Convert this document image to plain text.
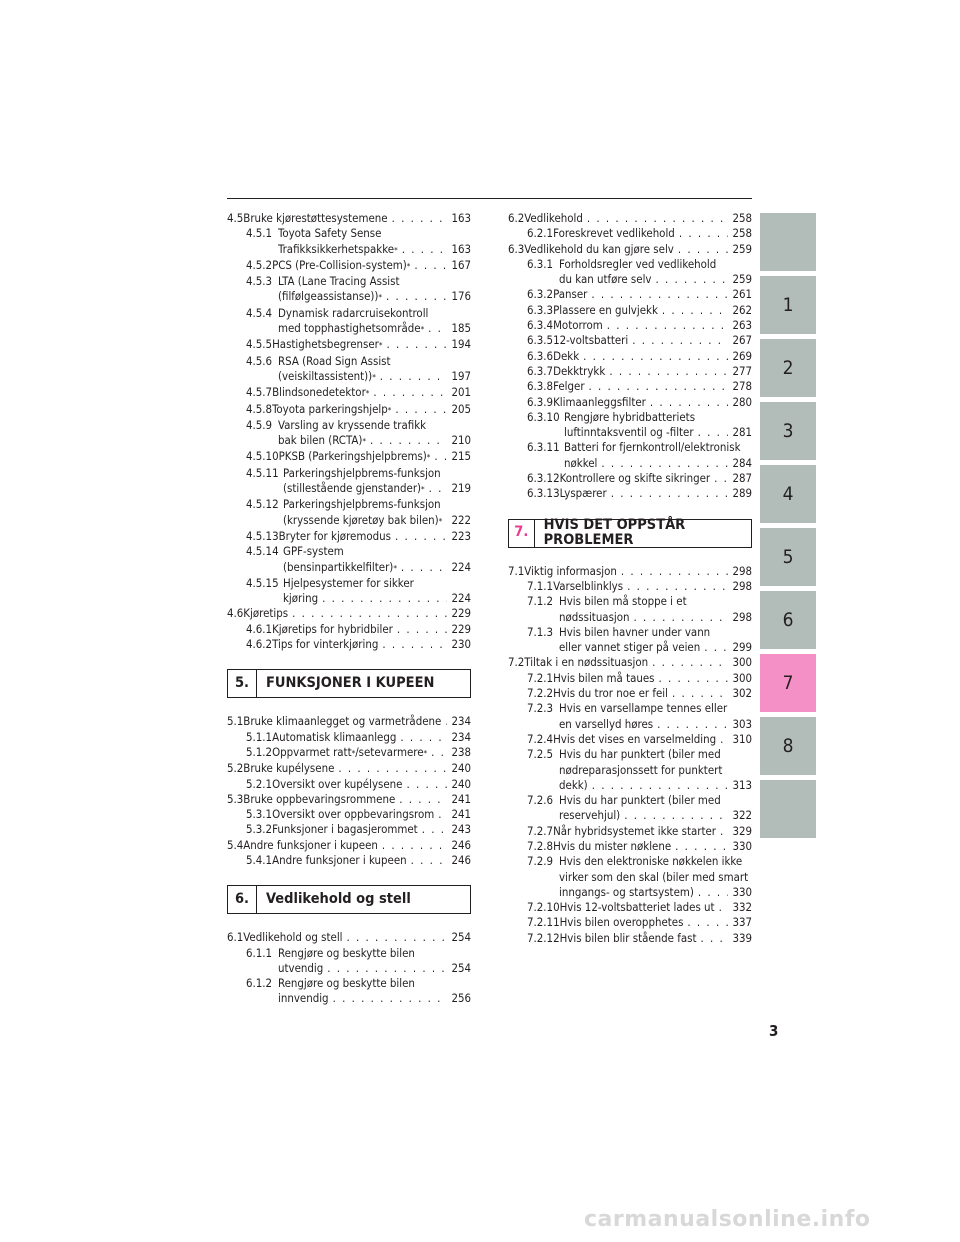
4.5 Bruke kjørestøttesystemene . . .	163
4.5.1 Toyota Safety Sense
Trafikksikkerhetspakke * . . .	163
4.5.2 PCS (Pre-Collision-system) * . . .	167
4.5.3 LTA (Lane Tracing Assist
(filfølgeassistanse)) * . . .	176
4.5.4 Dynamisk radarcruisekontroll
med topphastighetsområde * . . . 185
4.5.5 Hastighetsbegrenser * . . .	194
4.5.6 RSA (Road Sign Assist
(veiskiltassistent)) * . . .	197
4.5.7 Blindsonedetektor * . . .	201
4.5.8 Toyota parkeringshjelp * . . .	205
4.5.9 Varsling av kryssende trafikk
bak bilen (RCTA) * . . .	210
4.5.10 PKSB (Parkeringshjelpbrems) * . . . 215
4.5.11 Parkeringshjelpbrems-funksjon
(stillestående gjenstander) * . . . 219
4.5.12 Parkeringshjelpbrems-funksjon
(kryssende kjøretøy bak bilen) * . . . 222
4.5.13 Bryter for kjøremodus . . .	223
4.5.14 GPF-system
(bensinpartikkelfilter) * . . .	224
4.5.15 Hjelpesystemer for sikker
kjøring . . .	224
4.6 Kjøretips . . .	229
4.6.1 Kjøretips for hybridbiler . . .	229
4.6.2 Tips for vinterkjøring . . .	230
5.	FUNKSJONER I KUPEEN
5.1 Bruke klimaanlegget og varmetrådene . . . 234
5.1.1 Automatisk klimaanlegg . . .	234
5.1.2 Oppvarmet ratt * /setevarmere * . . . 238
5.2 Bruke kupélysene . . .	240
5.2.1 Oversikt over kupélysene . . .	240
5.3 Bruke oppbevaringsrommene . . .	241
5.3.1 Oversikt over oppbevaringsrom . . . 241
5.3.2 Funksjoner i bagasjerommet . . .	243
5.4 Andre funksjoner i kupeen . . .	246
5.4.1 Andre funksjoner i kupeen . . .	246
6.	Vedlikehold og stell
6.1 Vedlikehold og stell . . .	254
6.1.1 Rengjøre og beskytte bilen
utvendig . . .	254
6.1.2 Rengjøre og beskytte bilen
innvendig . . .	256
6.2 Vedlikehold . . .	258
6.2.1 Foreskrevet vedlikehold . . .	258
6.3 Vedlikehold du kan gjøre selv . . .	259
6.3.1 Forholdsregler ved vedlikehold
du kan utføre selv . . .	259
6.3.2 Panser . . .	261
6.3.3 Plassere en gulvjekk . . .	262
6.3.4 Motorrom . . .	263
6.3.5 12-voltsbatteri . . .	267
6.3.6 Dekk . . .	269
6.3.7 Dekktrykk . . .	277
6.3.8 Felger . . .	278
6.3.9 Klimaanleggsfilter . . .	280
6.3.10 Rengjøre hybridbatteriets
luftinntaksventil og -filter . . .	281
6.3.11 Batteri for fjernkontroll/elektronisk
nøkkel . . .	284
6.3.12 Kontrollere og skifte sikringer . . . 287
6.3.13 Lyspærer . . .	289
7.	HVIS DET OPPSTÅR PROBLEMER
7.1 Viktig informasjon . . .	298
7.1.1 Varselblinklys . . .	298
7.1.2 Hvis bilen må stoppe i et
nødssituasjon . . .	298
7.1.3 Hvis bilen havner under vann
eller vannet stiger på veien . . .	299
7.2 Tiltak i en nødssituasjon . . .	300
7.2.1 Hvis bilen må taues . . .	300
7.2.2 Hvis du tror noe er feil . . .	302
7.2.3 Hvis en varsellampe tennes eller
en varsellyd høres . . .	303
7.2.4 Hvis det vises en varselmelding . . . 310
7.2.5 Hvis du har punktert (biler med
nødreparasjonssett for punktert
dekk) . . .	313
7.2.6 Hvis du har punktert (biler med
reservehjul) . . .	322
7.2.7 Når hybridsystemet ikke starter . . . 329
7.2.8 Hvis du mister nøklene . . .	330
7.2.9 Hvis den elektroniske nøkkelen ikke
virker som den skal (biler med smart
inngangs- og startsystem) . . .	330
7.2.10 Hvis 12-voltsbatteriet lades ut . . . 332
7.2.11 Hvis bilen overopphetes . . .	337
7.2.12 Hvis bilen blir stående fast . . .	339
1
2
3
4
5
6
7
8
3
carmanualsonline.info
